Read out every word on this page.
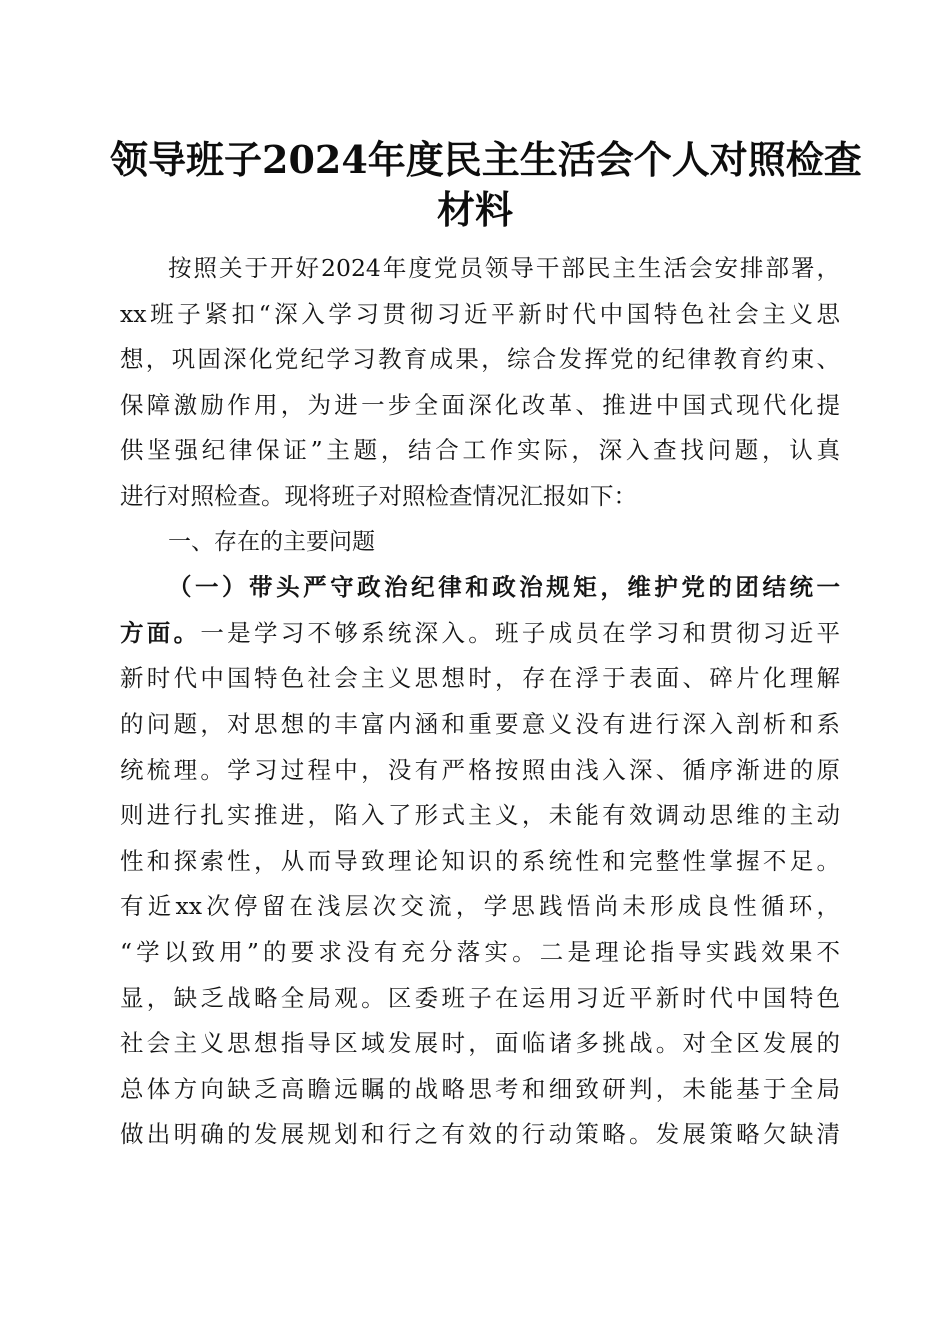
领导班子2024年度民主生活会个人对照检查
材料
按照关于开好2024年度党员领导干部民主生活会安排部署，
xx班子紧扣“深入学习贯彻习近平新时代中国特色社会主义思
想，巩固深化党纪学习教育成果，综合发挥党的纪律教育约束、
保障激励作用，为进一步全面深化改革、推进中国式现代化提
供坚强纪律保证”主题，结合工作实际，深入查找问题，认真
进行对照检查。现将班子对照检查情况汇报如下：
一、存在的主要问题
（一）带头严守政治纪律和政治规矩，维护党的团结统一
方面。一是学习不够系统深入。班子成员在学习和贯彻习近平
新时代中国特色社会主义思想时，存在浮于表面、碎片化理解
的问题，对思想的丰富内涵和重要意义没有进行深入剖析和系
统梳理。学习过程中，没有严格按照由浅入深、循序渐进的原
则进行扎实推进，陷入了形式主义，未能有效调动思维的主动
性和探索性，从而导致理论知识的系统性和完整性掌握不足。
有近xx次停留在浅层次交流，学思践悟尚未形成良性循环，
“学以致用”的要求没有充分落实。二是理论指导实践效果不
显，缺乏战略全局观。区委班子在运用习近平新时代中国特色
社会主义思想指导区域发展时，面临诸多挑战。对全区发展的
总体方向缺乏高瞻远瞩的战略思考和细致研判，未能基于全局
做出明确的发展规划和行之有效的行动策略。发展策略欠缺清
